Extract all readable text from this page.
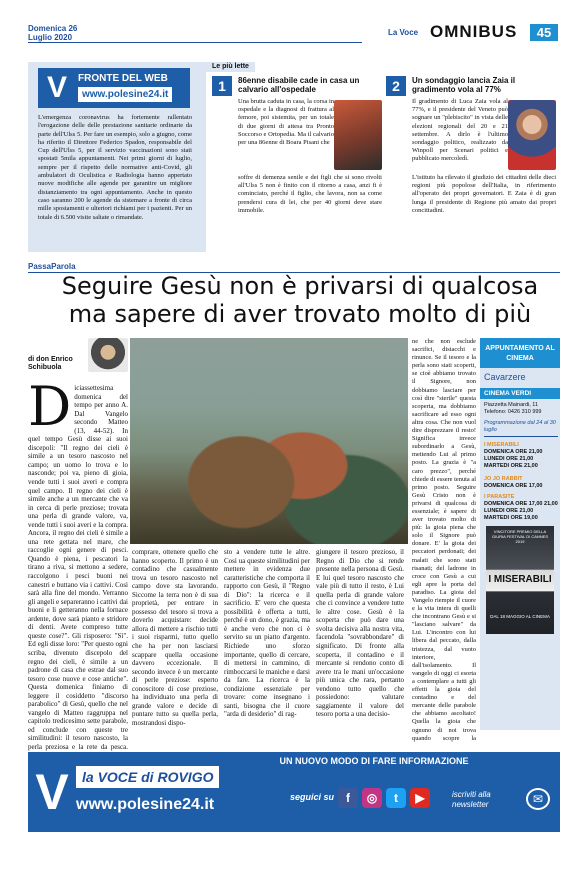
Domenica 26
Luglio 2020
La Voce OMNIBUS	45
V	FRONTE DEL WEB
www.polesine24.it
L'emergenza coronavirus ha fortemente rallentato l'erogazione delle delle prestazione sanitarie ordinarie da parte dell'Ulss 5. Per fare un esempio, solo a giugno, come ha riferito il Direttore Federico Spadon, responsabile del Cup dell'Ulss 5, per il servizio vaccinazioni sono stati spostati 5mila appuntamenti. Nei primi giorni di luglio, sempre per il rispetto delle normative anti-Covid, gli ambulatori di Oculistica e Radiologia hanno appertato nuove modifiche alle agende per garantire un migliore distanziamento tra ogni appuntamento. Anche in questo caso saranno 200 le agende da sistemare a fronte di circa mille spostamenti e ulteriori richiami per i pazienti. Per un totale di 6.500 visite saltate o rimandate.
Le più lette
1	86enne disabile cade in casa un calvario all'ospedale
Una brutta caduta in casa, la corsa in ospedale e la diagnosi di frattura al femore, poi sistemita, per un totale di due giorni di attesa tra Pronto Soccorso e Ortopedia. Ma il calvario per una 86enne di Boara Pisani che
soffre di demenza senile e dei figli che si sono rivolti all'Ulss 5 non è finito con il ritorno a casa, anzi fi è cominciato, perché il figlio, che lavora, non sa come prendersi cura di lei, che per 40 giorni deve stare immobile.
2	Un sondaggio lancia Zaia il gradimento vola al 77%
Il gradimento di Luca Zaia vola al 77%, e il presidente del Veneto può sognare un "plebiscito" in vista delle elezioni regionali del 20 e 21 settembre. A dirlo è l'ultimo sondaggio politico, realizzato da Winpoll per Scenari politici e pubblicato mercoledì.
L'istituto ha rilevato il giudizio dei cittadini delle dieci regioni più popolose dell'Italia, in riferimento all'operato dei propri governatori. E Zaia è di gran lunga il presidente di Regione più amato dai propri concittadini.
PassaParola
Seguire Gesù non è privarsi di qualcosa ma sapere di aver trovato molto di più
di don Enrico Schibuola
D iciassettesima domenica del tempo per anno A. Dal Vangelo secondo Matteo (13, 44-52). In quel tempo Gesù disse ai suoi discepoli: "Il regno dei cieli è simile a un tesoro nascosto nel campo; un uomo lo trova e lo nasconde; poi va, pieno di gioia, vende tutti i suoi averi e compra quel campo. Il regno dei cieli è simile anche a un mercante che va in cerca di perle preziose; trovata una perla di grande valore, va, vende tutti i suoi averi e la compra. Ancora, il regno dei cieli è simile a una rete gettata nel mare, che raccoglie ogni genere di pesci. Quando è piena, i pescatori la tirano a riva, si mettono a sedere, raccolgono i pesci buoni nei canestri e buttano via i cattivi. Così sarà alla fine del mondo. Verranno gli angeli e separeranno i cattivi dai buoni e li getteranno nella fornace ardente, dove sarà pianto e stridore di denti. Avete compreso tutte queste cose?". Gli risposero: "Sì". Ed egli disse loro: "Per questo ogni scriba, divenuto discepolo del regno dei cieli, è simile a un padrone di casa che estrae dal suo tesoro cose nuove e cose antiche". Questa domenica finiamo di leggere il cosiddetto "discorso parabolico" di Gesù, quello che nel vangelo di Matteo raggruppa nel capitolo tredicesimo sette parabole, ed conclude con queste tre similitudini: il tesoro nascosto, la perla preziosa e la rete da pesca.
comprare, ottenere quello che hanno scoperto. Il primo è un contadino che casualmente trova un tesoro nascosto nel campo dove sta lavorando. Siccome la terra non è di sua proprietà, per entrare in possesso del tesoro si trova a doverlo acquistare: decide allora di mettere a rischio tutti i suoi risparmi, tutto quello che ha per non lasciarsi scappare quella occasione davvero eccezionale. Il secondo invece è un mercante di perle preziose: esperto conoscitore di cose preziose, ha individuato una perla di grande valore e decide di puntare tutto su quella perla, mostrandosi dispo-
sto a vendere tutte le altre. Così ua queste similitudini per mettere in evidenza due caratteristiche che comporta il rapporto con Gesù, il "Regno di Dio": la ricerca e il sacrificio. E' vero che questa possibilità è offerta a tutti, perché è un dono, è grazia, ma è anche vero che non ci è servito su un piatto d'argento. Richiede uno sforzo importante, quello di cercare, di mettersi in cammino, di rimboccarsi le maniche e darsi da fare. La ricerca è la condizione essenziale per trovare: come insegnano i santi, bisogna che il cuore "arda di desiderio" di rag-
giungere il tesoro prezioso, il Regno di Dio che si rende presente nella persona di Gesù. E lui quel tesoro nascosto che vale più di tutto il resto, è Lui quella perla di grande valore che ci convince a vendere tutte le altre cose. Gesù è la scoperta che può dare una svolta decisiva alla nostra vita, facendola "sovrabbondare" di significato. Di fronte alla scoperta, il contadino e il mercante si rendono conto di avere tra le mani un'occasione più unica che rara, pertanto vendono tutto quello che possiedono: valutare saggiamente il valore del tesoro porta a una decisio-
ne che non esclude sacrifici, distacchi e rinunce. Se il tesoro e la perla sono stati scoperti, se cioè abbiamo trovato il Signore, non dobbiamo lasciare per così dire "sterile" questa scoperta, ma dobbiamo sacrificare ad esso ogni altra cosa. Che non vuol dire disprezzare il resto! Significa invece subordinarlo a Gesù, mettendo Lui al primo posto. La grazia è "a caro prezzo", perché chiede di essere tenuta al primo posto. Seguire Gesù Cristo non è privarsi di qualcosa di essenziale; è sapere di aver trovato molto di più: la gioia piena che solo il Signore può donare. E' la gioia dei peccatori perdonati; dei malati che sono stati risanati; del ladrone in croce con Gesù a cui egli apre la porta del paradiso. La gioia del Vangelo riempie il cuore e la vita intera di quelli che incontrano Gesù e si "lasciano salvare" da Lui. L'incontro con lui libera dal peccato, dalla tristezza, dal vuoto interiore, dall'isolamento. Il vangelo di oggi ci esorta a contemplare a tutti gli effetti la gioia del contadino e del mercante delle parabole che abbiamo ascoltato! Quella la gioia che ognuno di noi trova quando scopre la
APPUNTAMENTO AL CINEMA
Cavarzere
CINEMA VERDI
Piazzetta Mainardi, 11
Telefono: 0426 310 999
Programmazione dal 24 al 30 luglio
I MISERABILI
DOMENICA ORE 21,00 LUNEDI ORE 21,00 MARTEDI ORE 21,00
JO JO RABBIT
DOMENICA ORE 17,00
I PARASITE
DOMENICA ORE 17,00 21,00 LUNEDI ORE 21,00 MARTEDI ORE 19,00
VINCITORE PREMIO DELLA GIURIA FESTIVAL DI CANNES 2019
I MISERABILI
DAL 18 MAGGIO AL CINEMA
UN NUOVO MODO DI FARE INFORMAZIONE
V la VOCE di ROVIGO
www.polesine24.it	seguici su f	◎	t	▶	iscriviti alla newsletter	✉
